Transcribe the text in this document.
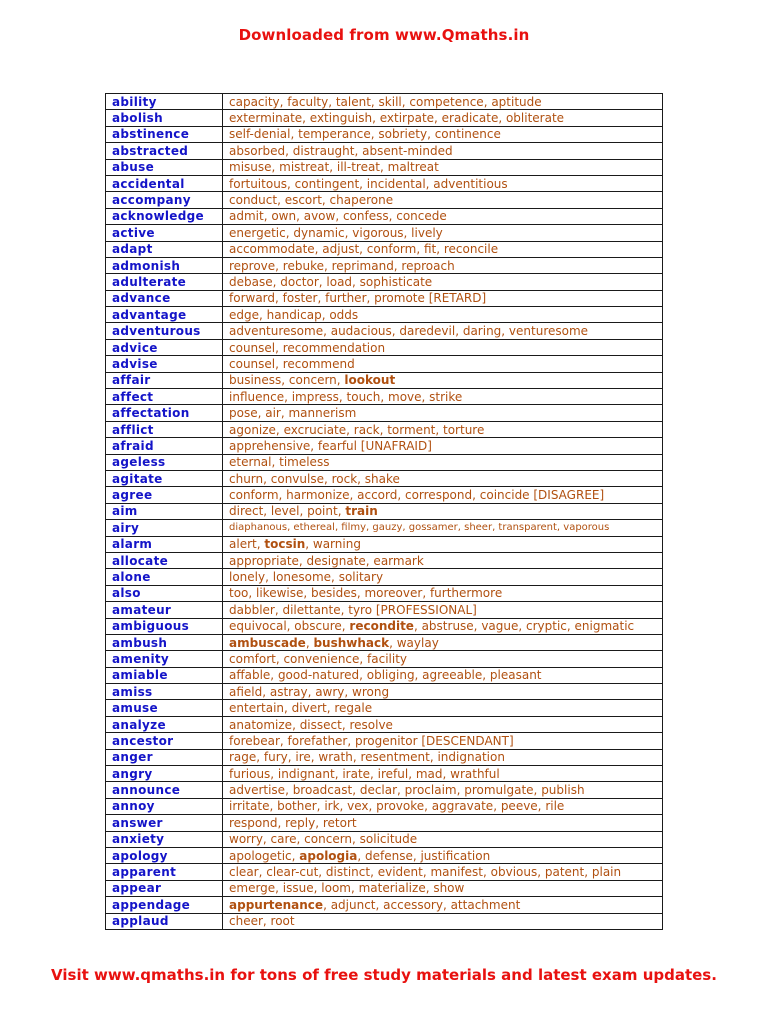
Downloaded from www.Qmaths.in
ability	capacity, faculty, talent, skill, competence, aptitude
abolish	exterminate, extinguish, extirpate, eradicate, obliterate
abstinence	self-denial, temperance, sobriety, continence
abstracted	absorbed, distraught, absent-minded
abuse	misuse, mistreat, ill-treat, maltreat
accidental	fortuitous, contingent, incidental, adventitious
accompany	conduct, escort, chaperone
acknowledge	admit, own, avow, confess, concede
active	energetic, dynamic, vigorous, lively
adapt	accommodate, adjust, conform, fit, reconcile
admonish	reprove, rebuke, reprimand, reproach
adulterate	debase, doctor, load, sophisticate
advance	forward, foster, further, promote [RETARD]
advantage	edge, handicap, odds
adventurous	adventuresome, audacious, daredevil, daring, venturesome
advice	counsel, recommendation
advise	counsel, recommend
affair	business, concern, lookout
affect	influence, impress, touch, move, strike
affectation	pose, air, mannerism
afflict	agonize, excruciate, rack, torment, torture
afraid	apprehensive, fearful [UNAFRAID]
ageless	eternal, timeless
agitate	churn, convulse, rock, shake
agree	conform, harmonize, accord, correspond, coincide [DISAGREE]
aim	direct, level, point, train
airy	diaphanous, ethereal, filmy, gauzy, gossamer, sheer, transparent, vaporous
alarm	alert, tocsin, warning
allocate	appropriate, designate, earmark
alone	lonely, lonesome, solitary
also	too, likewise, besides, moreover, furthermore
amateur	dabbler, dilettante, tyro [PROFESSIONAL]
ambiguous	equivocal, obscure, recondite, abstruse, vague, cryptic, enigmatic
ambush	ambuscade, bushwhack, waylay
amenity	comfort, convenience, facility
amiable	affable, good-natured, obliging, agreeable, pleasant
amiss	afield, astray, awry, wrong
amuse	entertain, divert, regale
analyze	anatomize, dissect, resolve
ancestor	forebear, forefather, progenitor [DESCENDANT]
anger	rage, fury, ire, wrath, resentment, indignation
angry	furious, indignant, irate, ireful, mad, wrathful
announce	advertise, broadcast, declar, proclaim, promulgate, publish
annoy	irritate, bother, irk, vex, provoke, aggravate, peeve, rile
answer	respond, reply, retort
anxiety	worry, care, concern, solicitude
apology	apologetic, apologia, defense, justification
apparent	clear, clear-cut, distinct, evident, manifest, obvious, patent, plain
appear	emerge, issue, loom, materialize, show
appendage	appurtenance, adjunct, accessory, attachment
applaud	cheer, root
Visit www.qmaths.in for tons of free study materials and latest exam updates.
